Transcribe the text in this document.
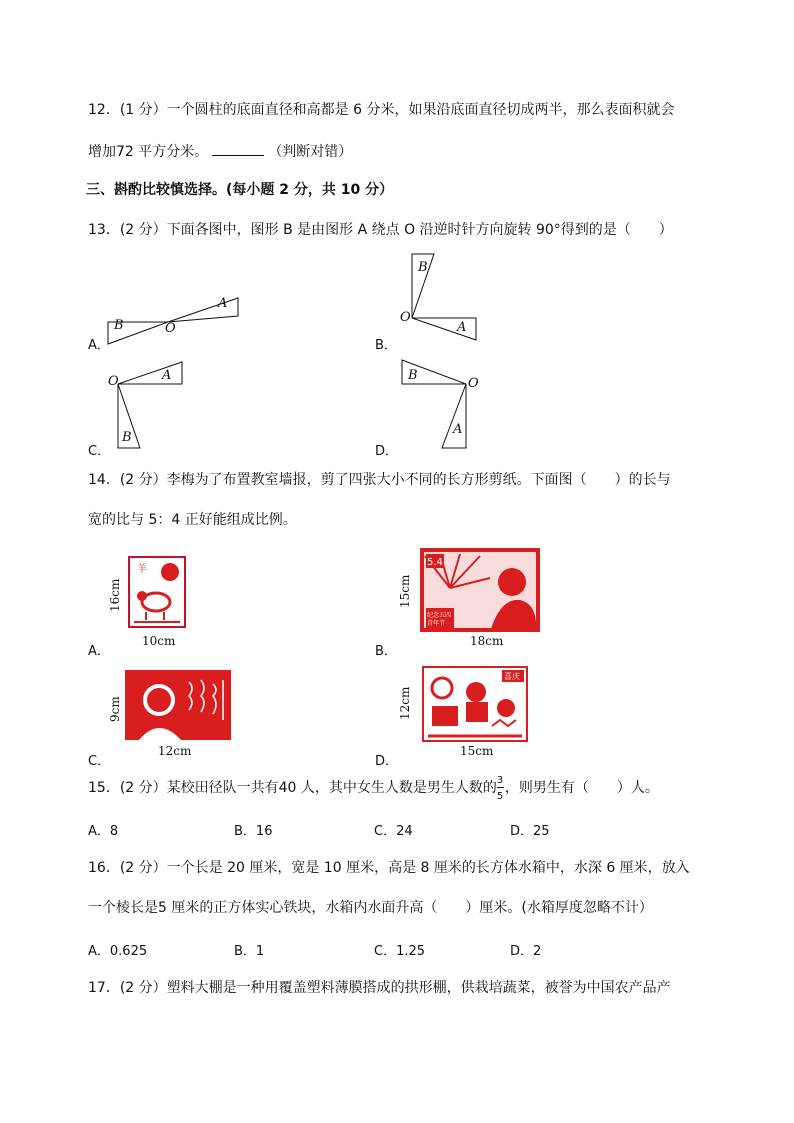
12．(1 分）一个圆柱的底面直径和高都是 6 分米，如果沿底面直径切成两半，那么表面积就会
增加72 平方分米。	（判断对错）
三、斟酌比较慎选择。(每小题 2 分，共 10 分）
13．(2 分）下面各图中，图形 B 是由图形 A 绕点 O 沿逆时针方向旋转 90°得到的是（　　）
A．
A
B	O
B．
B
A
O
C．
A
B
O
D．
B
A
O
14．(2 分）李梅为了布置教室墙报，剪了四张大小不同的长方形剪纸。下面图（　　）的长与
宽的比与 5：4 正好能组成比例。
A．
16cm
羊
10cm
B．
15cm
5.4
纪念五四
青年节
18cm
C．
9cm
12cm
D．
12cm
喜庆
15cm
15．(2 分）某校田径队一共有40 人，其中女生人数是男生人数的 $\frac{3}{5}$ ，则男生有（　　）人。
A．8	B．16	C．24	D．25
16．(2 分）一个长是 20 厘米，宽是 10 厘米，高是 8 厘米的长方体水箱中，水深 6 厘米，放入
一个棱长是5 厘米的正方体实心铁块，水箱内水面升高（　　）厘米。(水箱厚度忽略不计）
A．0.625	B．1	C．1.25	D．2
17．(2 分）塑料大棚是一种用覆盖塑料薄膜搭成的拱形棚，供栽培蔬菜，被誉为中国农产品产
